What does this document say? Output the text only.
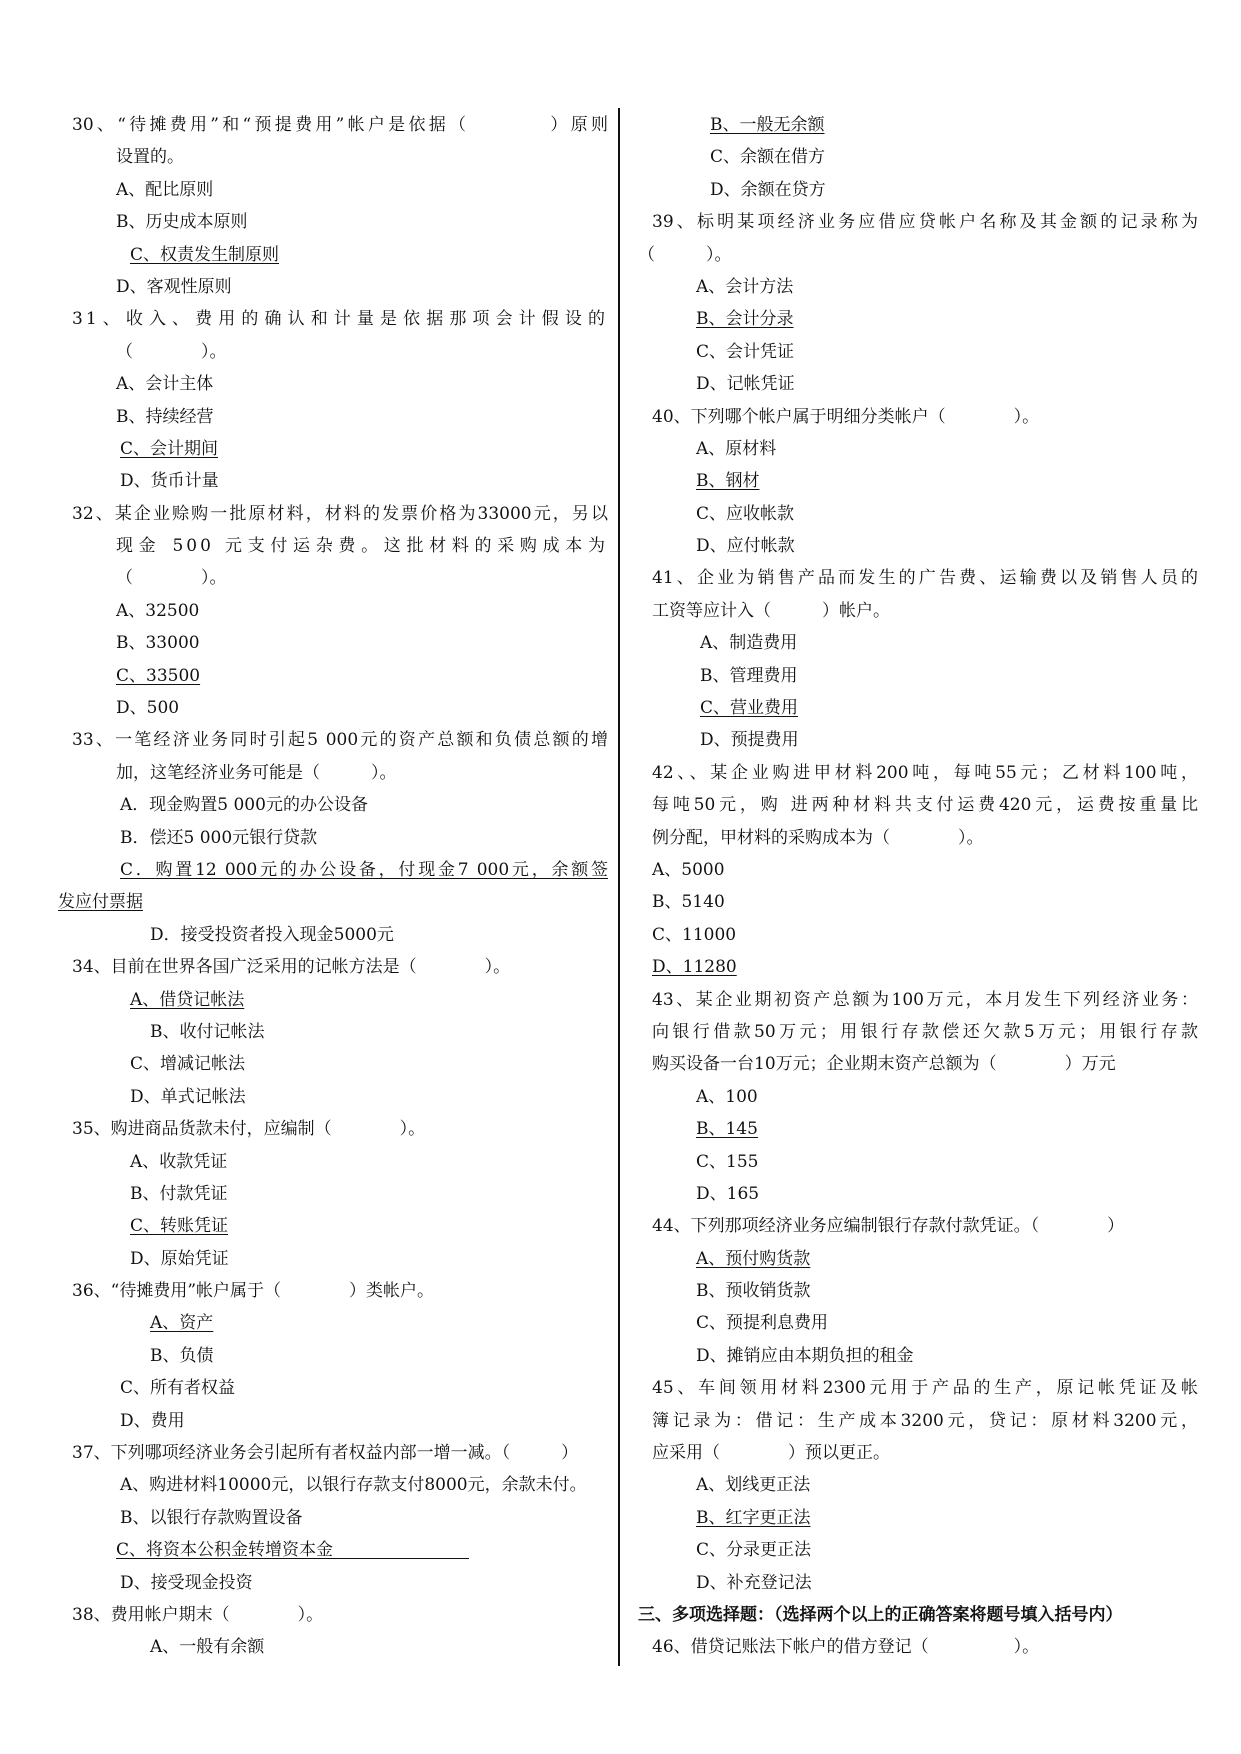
30、“待摊费用”和“预提费用”帐户是依据（　　　　）原则
设置的。
A、配比原则
B、历史成本原则
C、权责发生制原则
D、客观性原则
31、收入、费用的确认和计量是依据那项会计假设的
（　　　　）。
A、会计主体
B、持续经营
C、会计期间
D、货币计量
32、某企业赊购一批原材料，材料的发票价格为33000元，另以
现金 500 元支付运杂费。这批材料的采购成本为
（　　　　）。
A、32500
B、33000
C、33500
D、500
33、一笔经济业务同时引起5 000元的资产总额和负债总额的增
加，这笔经济业务可能是（　　　）。
A．现金购置5 000元的办公设备
B．偿还5 000元银行贷款
C．购置12 000元的办公设备，付现金7 000元，余额签
发应付票据
D．接受投资者投入现金5000元
34、目前在世界各国广泛采用的记帐方法是（　　　　）。
A、借贷记帐法
B、收付记帐法
C、增减记帐法
D、单式记帐法
35、购进商品货款未付，应编制（　　　　）。
A、收款凭证
B、付款凭证
C、转账凭证
D、原始凭证
36、“待摊费用”帐户属于（　　　　）类帐户。
A、资产
B、负债
C、所有者权益
D、费用
37、下列哪项经济业务会引起所有者权益内部一增一减。（　　　）
A、购进材料10000元，以银行存款支付8000元，余款未付。
B、以银行存款购置设备
C、将资本公积金转增资本金　　　　　　　　
D、接受现金投资
38、费用帐户期末（　　　　）。
A、一般有余额
B、一般无余额
C、余额在借方
D、余额在贷方
39、标明某项经济业务应借应贷帐户名称及其金额的记录称为
（　　　）。
A、会计方法
B、会计分录
C、会计凭证
D、记帐凭证
40、下列哪个帐户属于明细分类帐户（　　　　）。
A、原材料
B、钢材
C、应收帐款
D、应付帐款
41、企业为销售产品而发生的广告费、运输费以及销售人员的
工资等应计入（　　　）帐户。
A、制造费用
B、管理费用
C、营业费用
D、预提费用
42、、某企业购进甲材料200吨，每吨55元；乙材料100吨，
每吨50元，购 进两种材料共支付运费420元，运费按重量比
例分配，甲材料的采购成本为（　　　　）。
A、5000
B、5140
C、11000
D、11280
43、某企业期初资产总额为100万元，本月发生下列经济业务：
向银行借款50万元；用银行存款偿还欠款5万元；用银行存款
购买设备一台10万元；企业期末资产总额为（　　　　）万元
A、100
B、145
C、155
D、165
44、下列那项经济业务应编制银行存款付款凭证。（　　　　）
A、预付购货款
B、预收销货款
C、预提利息费用
D、摊销应由本期负担的租金
45、车间领用材料2300元用于产品的生产，原记帐凭证及帐
簿记录为：借记：生产成本3200元，贷记：原材料3200元，
应采用（　　　　）预以更正。
A、划线更正法
B、红字更正法
C、分录更正法
D、补充登记法
三、多项选择题：（选择两个以上的正确答案将题号填入括号内）
46、借贷记账法下帐户的借方登记（　　　　　）。
